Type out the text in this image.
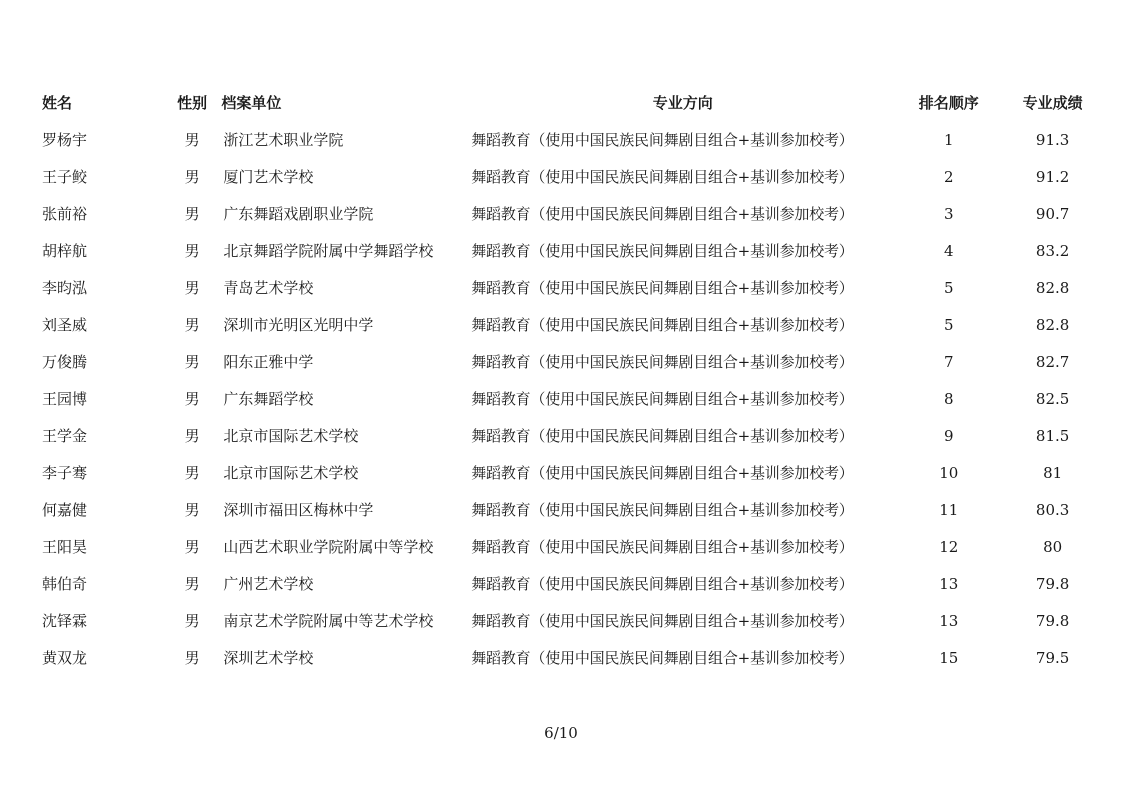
姓名	性别	档案单位	专业方向	排名顺序	专业成绩
罗杨宇	男	浙江艺术职业学院	舞蹈教育（使用中国民族民间舞剧目组合+基训参加校考）	1	91.3
王子鲛	男	厦门艺术学校	舞蹈教育（使用中国民族民间舞剧目组合+基训参加校考）	2	91.2
张前裕	男	广东舞蹈戏剧职业学院	舞蹈教育（使用中国民族民间舞剧目组合+基训参加校考）	3	90.7
胡梓航	男	北京舞蹈学院附属中学舞蹈学校	舞蹈教育（使用中国民族民间舞剧目组合+基训参加校考）	4	83.2
李昀泓	男	青岛艺术学校	舞蹈教育（使用中国民族民间舞剧目组合+基训参加校考）	5	82.8
刘圣威	男	深圳市光明区光明中学	舞蹈教育（使用中国民族民间舞剧目组合+基训参加校考）	5	82.8
万俊腾	男	阳东正雅中学	舞蹈教育（使用中国民族民间舞剧目组合+基训参加校考）	7	82.7
王园博	男	广东舞蹈学校	舞蹈教育（使用中国民族民间舞剧目组合+基训参加校考）	8	82.5
王学金	男	北京市国际艺术学校	舞蹈教育（使用中国民族民间舞剧目组合+基训参加校考）	9	81.5
李子骞	男	北京市国际艺术学校	舞蹈教育（使用中国民族民间舞剧目组合+基训参加校考）	10	81
何嘉健	男	深圳市福田区梅林中学	舞蹈教育（使用中国民族民间舞剧目组合+基训参加校考）	11	80.3
王阳昊	男	山西艺术职业学院附属中等学校	舞蹈教育（使用中国民族民间舞剧目组合+基训参加校考）	12	80
韩伯奇	男	广州艺术学校	舞蹈教育（使用中国民族民间舞剧目组合+基训参加校考）	13	79.8
沈铎霖	男	南京艺术学院附属中等艺术学校	舞蹈教育（使用中国民族民间舞剧目组合+基训参加校考）	13	79.8
黄双龙	男	深圳艺术学校	舞蹈教育（使用中国民族民间舞剧目组合+基训参加校考）	15	79.5
6/10
